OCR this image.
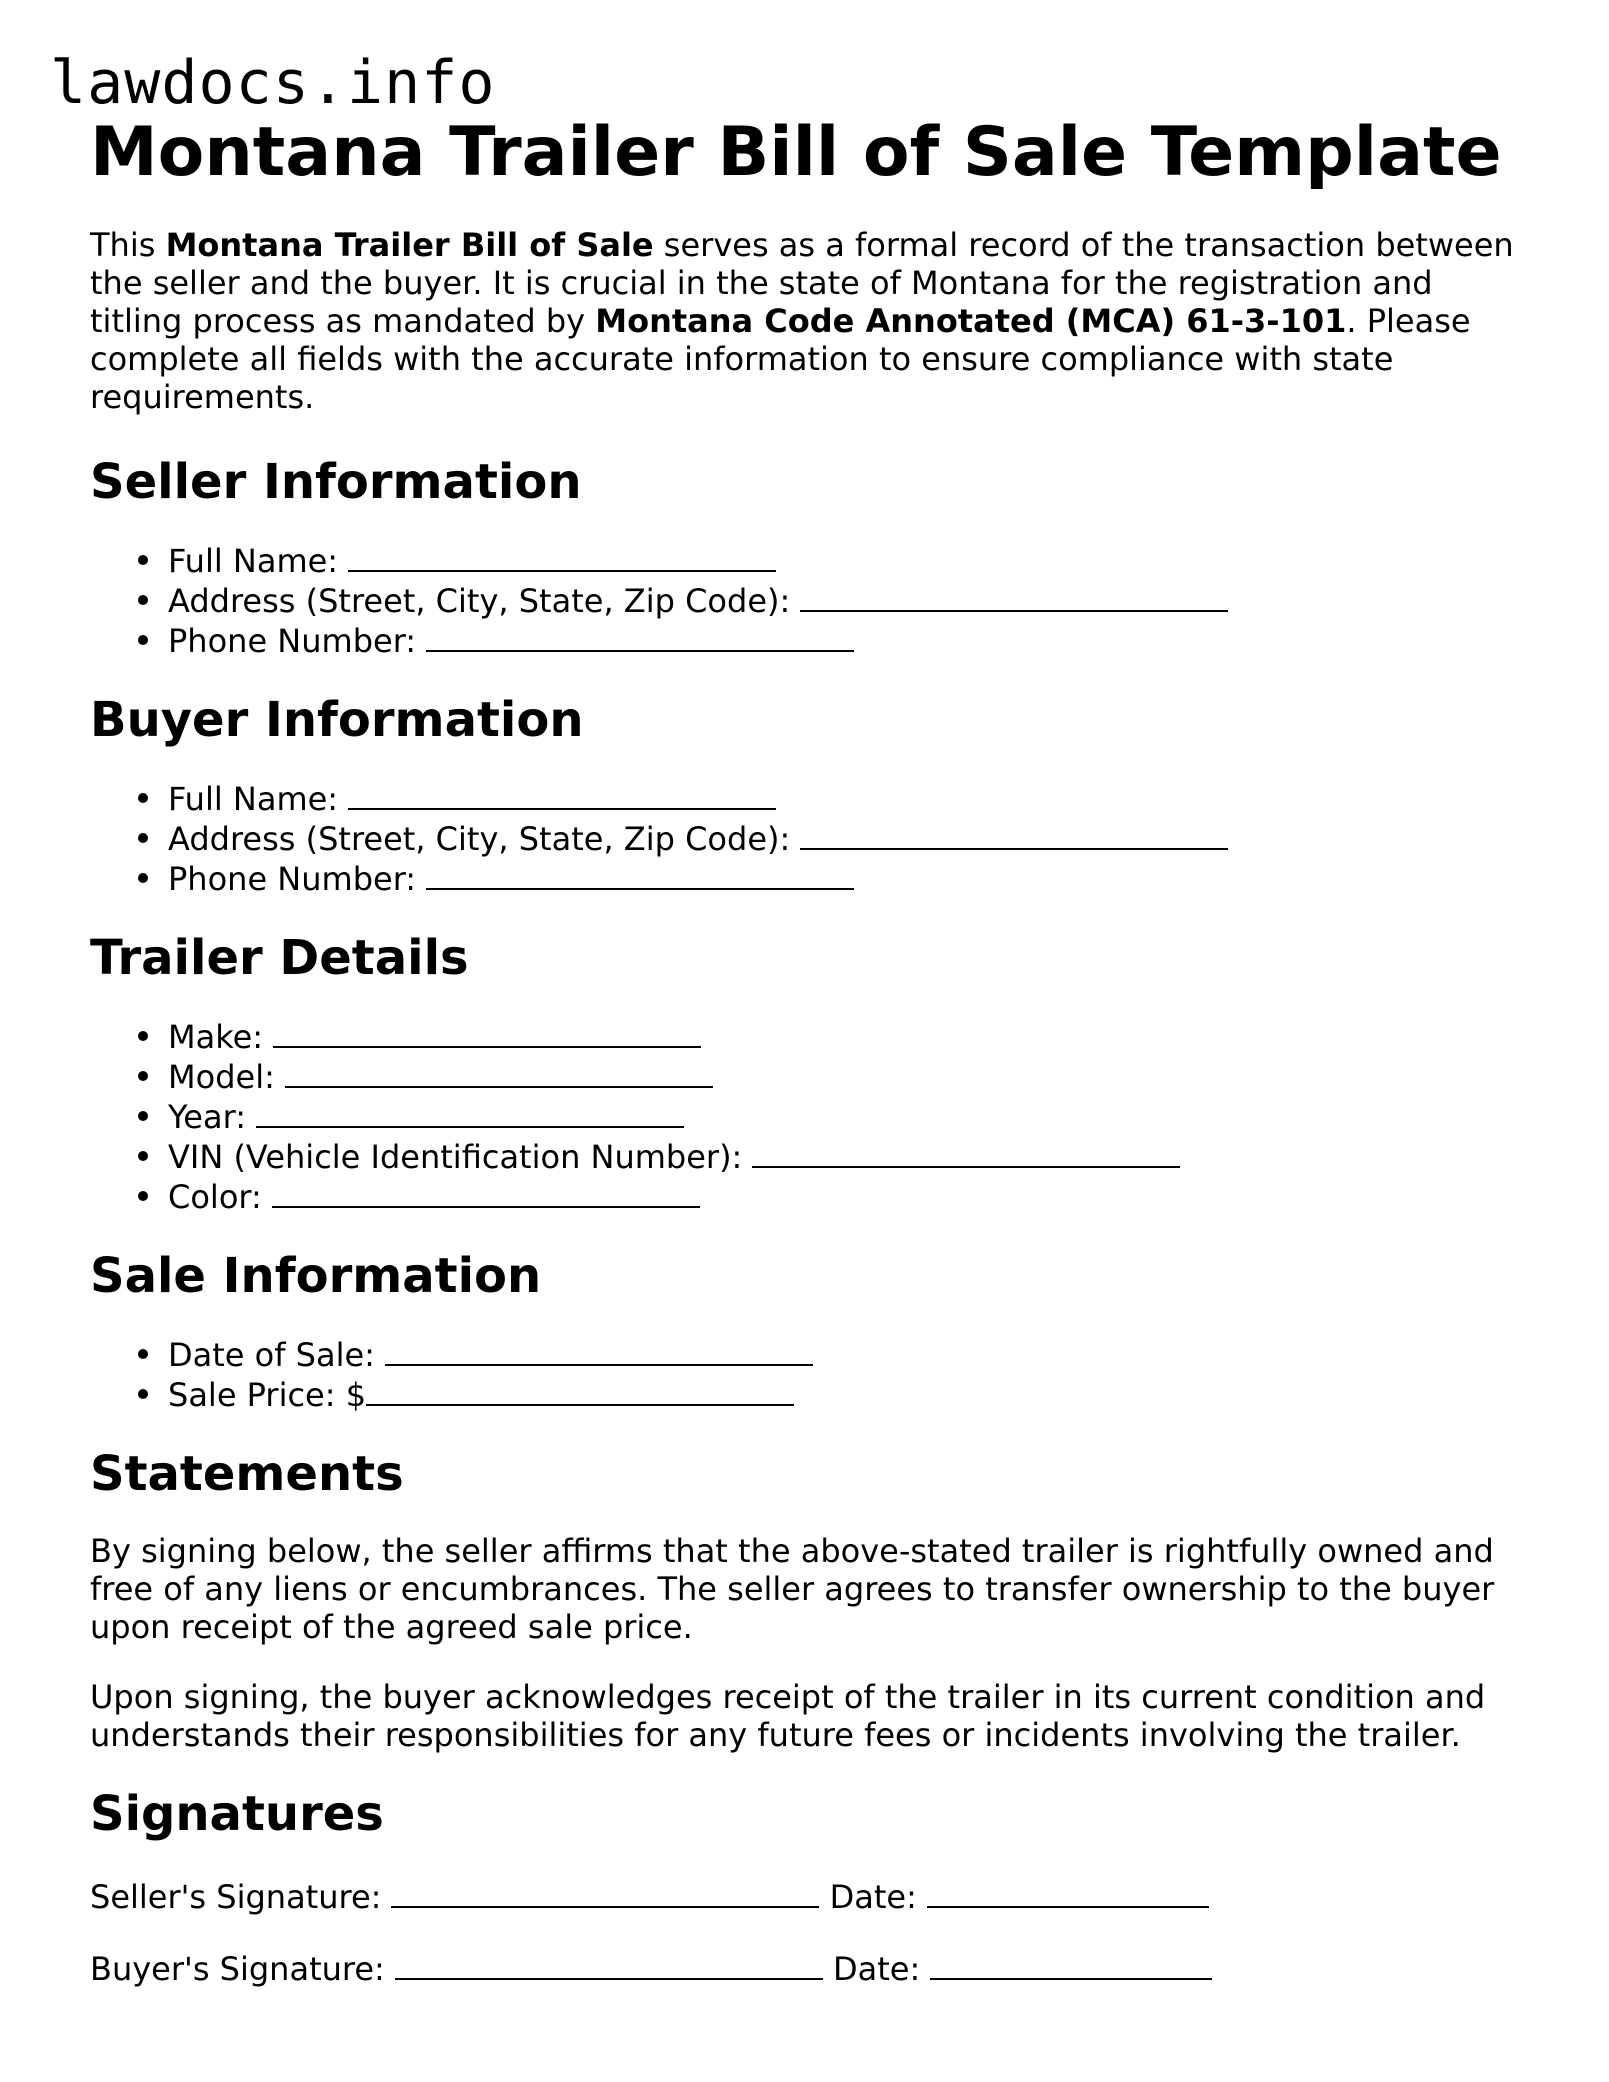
lawdocs.info
Montana Trailer Bill of Sale Template

This Montana Trailer Bill of Sale serves as a formal record of the transaction between the seller and the buyer. It is crucial in the state of Montana for the registration and titling process as mandated by Montana Code Annotated (MCA) 61-3-101. Please complete all fields with the accurate information to ensure compliance with state requirements.

Seller Information
Full Name:
Address (Street, City, State, Zip Code):
Phone Number:
Buyer Information
Full Name:
Address (Street, City, State, Zip Code):
Phone Number:
Trailer Details
Make:
Model:
Year:
VIN (Vehicle Identification Number):
Color:
Sale Information
Date of Sale:
Sale Price: $
Statements

By signing below, the seller affirms that the above-stated trailer is rightfully owned and free of any liens or encumbrances. The seller agrees to transfer ownership to the buyer upon receipt of the agreed sale price.

Upon signing, the buyer acknowledges receipt of the trailer in its current condition and understands their responsibilities for any future fees or incidents involving the trailer.

Signatures
Seller's Signature:	Date:
Buyer's Signature:	Date:
